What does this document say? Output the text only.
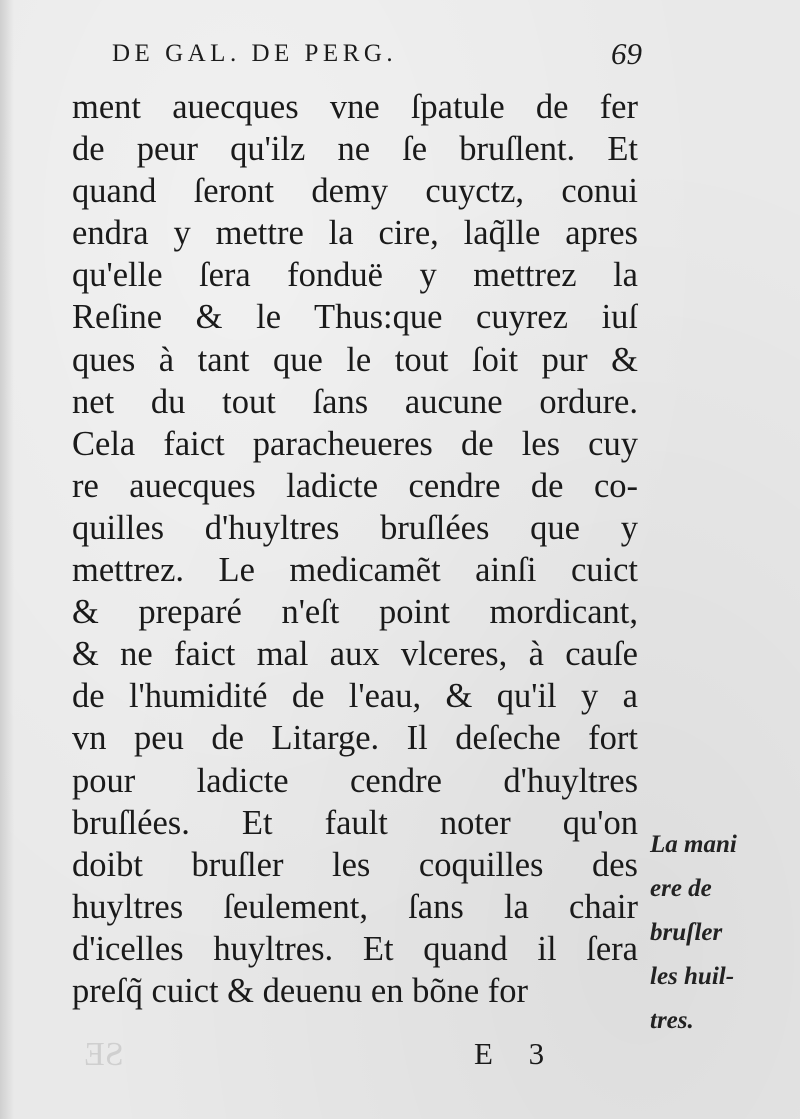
DE GAL. DE PERG.	69
ment auecques vne ſpatule de fer
de peur qu'ilz ne ſe bruſlent. Et
quand ſeront demy cuyctz, conui
endra y mettre la cire, laq̃lle apres
qu'elle ſera fonduë y mettrez la
Reſine & le Thus:que cuyrez iuſ
ques à tant que le tout ſoit pur &
net du tout ſans aucune ordure.
Cela faict paracheueres de les cuy
re auecques ladicte cendre de co-
quilles d'huyltres bruſlées que y
mettrez. Le medicamẽt ainſi cuict
& preparé n'eſt point mordicant,
& ne faict mal aux vlceres, à cauſe
de l'humidité de l'eau, & qu'il y a
vn peu de Litarge. Il deſeche fort
pour ladicte cendre d'huyltres
bruſlées. Et fault noter qu'on
doibt bruſler les coquilles des
huyltres ſeulement, ſans la chair
d'icelles huyltres. Et quand il ſera
preſq̃ cuict & deuenu en bõne for
La mani
ere de
bruſler
les huil-
tres.
SE	E 3
